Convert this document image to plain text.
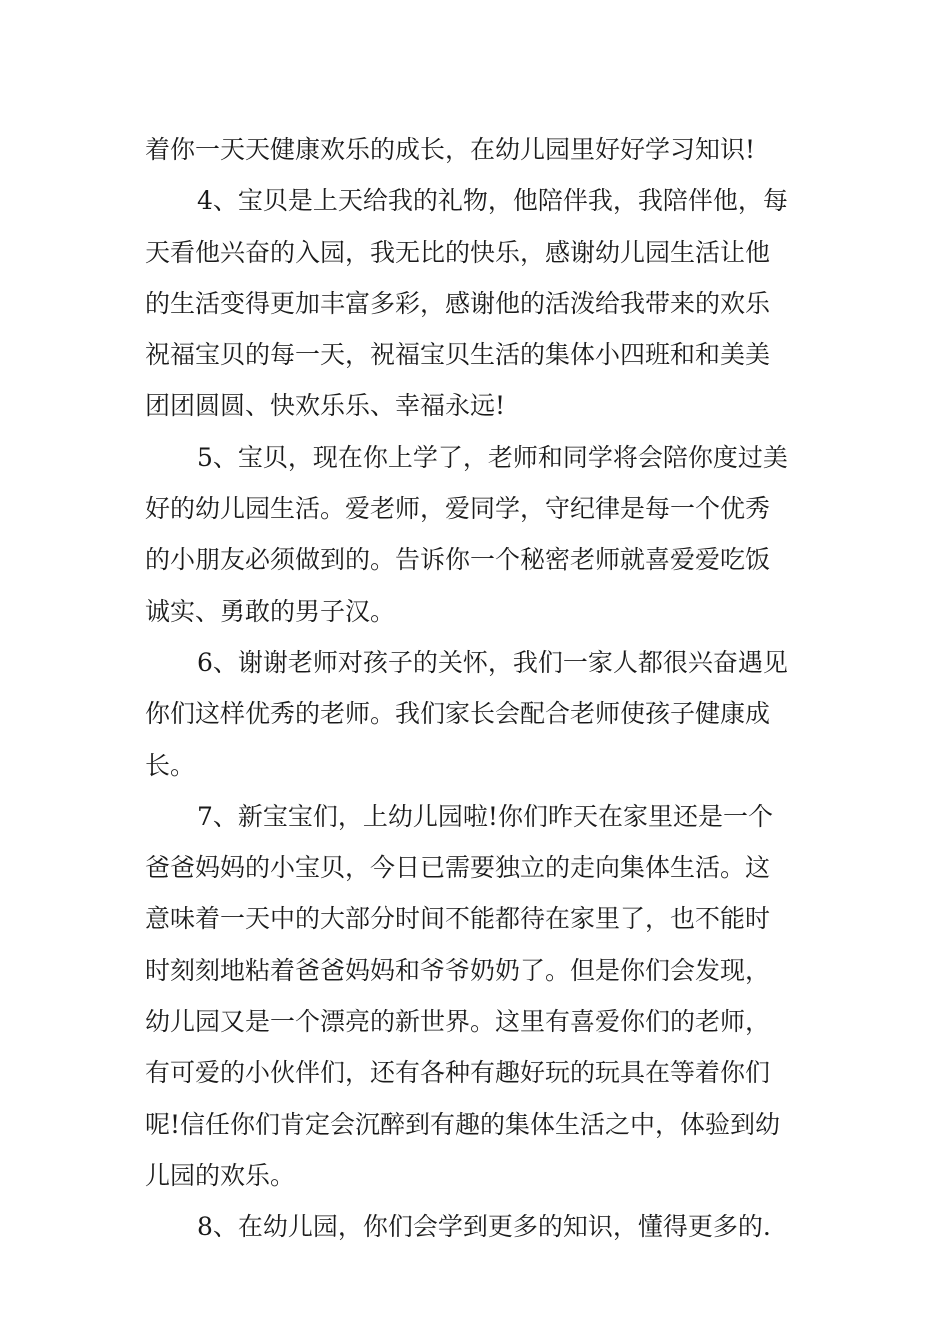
着你一天天健康欢乐的成长，在幼儿园里好好学习知识!
4、宝贝是上天给我的礼物，他陪伴我，我陪伴他，每
天看他兴奋的入园，我无比的快乐，感谢幼儿园生活让他
的生活变得更加丰富多彩，感谢他的活泼给我带来的欢乐
祝福宝贝的每一天，祝福宝贝生活的集体小四班和和美美
团团圆圆、快欢乐乐、幸福永远!
5、宝贝，现在你上学了，老师和同学将会陪你度过美
好的幼儿园生活。爱老师，爱同学，守纪律是每一个优秀
的小朋友必须做到的。告诉你一个秘密老师就喜爱爱吃饭
诚实、勇敢的男子汉。
6、谢谢老师对孩子的关怀，我们一家人都很兴奋遇见
你们这样优秀的老师。我们家长会配合老师使孩子健康成
长。
7、新宝宝们，上幼儿园啦!你们昨天在家里还是一个
爸爸妈妈的小宝贝，今日已需要独立的走向集体生活。这
意味着一天中的大部分时间不能都待在家里了，也不能时
时刻刻地粘着爸爸妈妈和爷爷奶奶了。但是你们会发现，
幼儿园又是一个漂亮的新世界。这里有喜爱你们的老师，
有可爱的小伙伴们，还有各种有趣好玩的玩具在等着你们
呢!信任你们肯定会沉醉到有趣的集体生活之中，体验到幼
儿园的欢乐。
8、在幼儿园，你们会学到更多的知识，懂得更多的.
